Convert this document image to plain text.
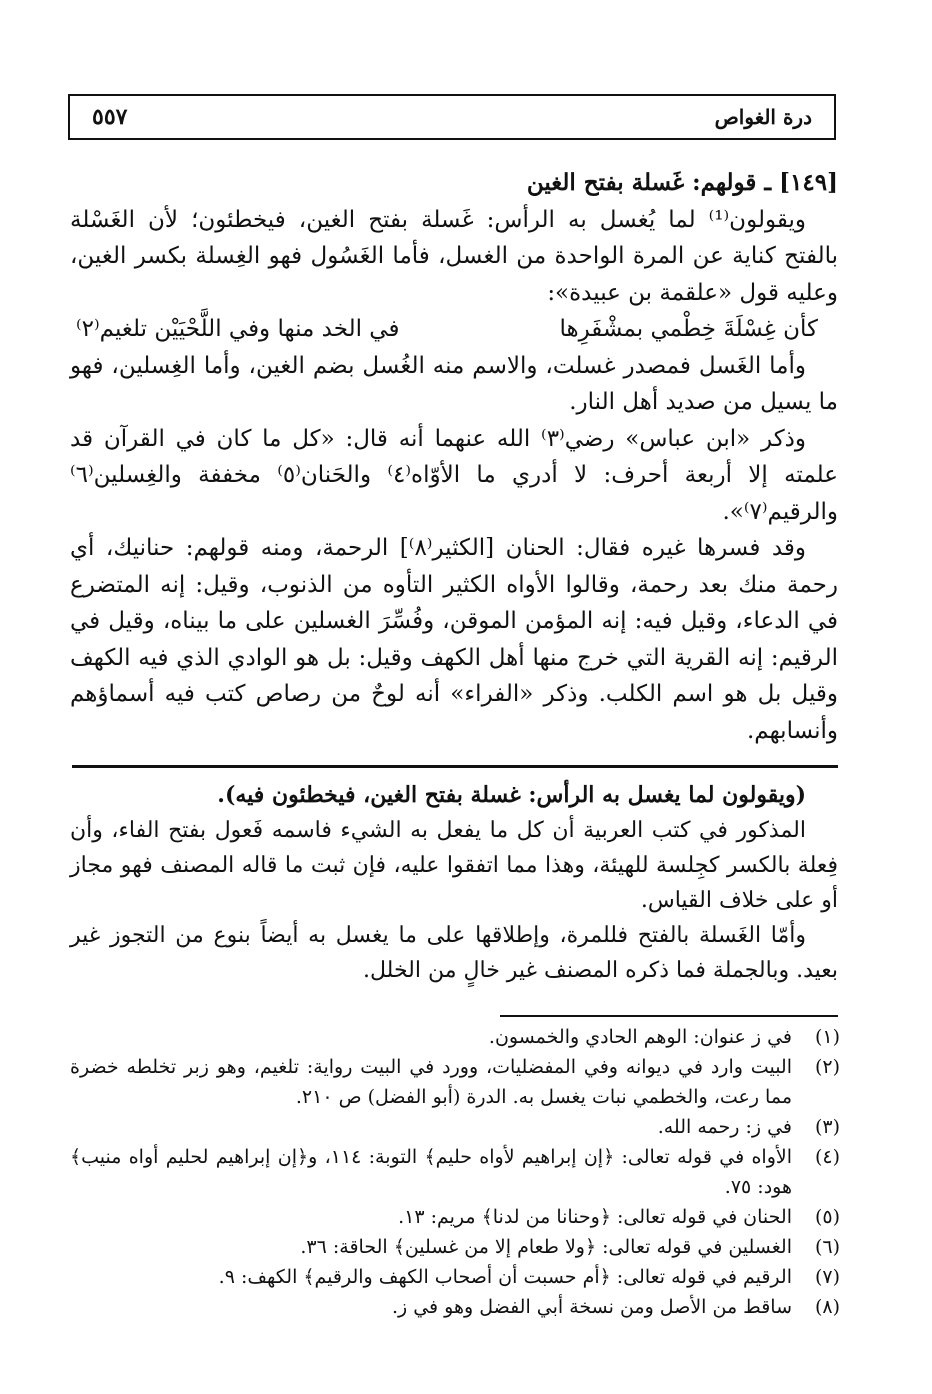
درة الغواص
٥٥٧

[١٤٩] ـ قولهم: غَسلة بفتح الغين

ويقولون⁽¹⁾ لما يُغسل به الرأس: غَسلة بفتح الغين، فيخطئون؛ لأن الغَسْلة بالفتح كناية عن المرة الواحدة من الغسل، فأما الغَسُول فهو الغِسلة بكسر الغين، وعليه قول «علقمة بن عبيدة»:

كأن غِسْلَةَ خِطْمي بمشْفَرِها
في الخد منها وفي اللَّحْيَيْن تلغيم⁽٢⁾

وأما الغَسل فمصدر غسلت، والاسم منه الغُسل بضم الغين، وأما الغِسلين، فهو ما يسيل من صديد أهل النار.

وذكر «ابن عباس» رضي⁽٣⁾ الله عنهما أنه قال: «كل ما كان في القرآن قد علمته إلا أربعة أحرف: لا أدري ما الأوّاه⁽٤⁾ والحَنان⁽٥⁾ مخففة والغِسلين⁽٦⁾ والرقيم⁽٧⁾».

وقد فسرها غيره فقال: الحنان [الكثير⁽٨⁾] الرحمة، ومنه قولهم: حنانيك، أي رحمة منك بعد رحمة، وقالوا الأواه الكثير التأوه من الذنوب، وقيل: إنه المتضرع في الدعاء، وقيل فيه: إنه المؤمن الموقن، وفُسِّرَ الغسلين على ما بيناه، وقيل في الرقيم: إنه القرية التي خرج منها أهل الكهف وقيل: بل هو الوادي الذي فيه الكهف وقيل بل هو اسم الكلب. وذكر «الفراء» أنه لوحٌ من رصاص كتب فيه أسماؤهم وأنسابهم.

(ويقولون لما يغسل به الرأس: غسلة بفتح الغين، فيخطئون فيه).

المذكور في كتب العربية أن كل ما يفعل به الشيء فاسمه فَعول بفتح الفاء، وأن فِعلة بالكسر كجِلسة للهيئة، وهذا مما اتفقوا عليه، فإن ثبت ما قاله المصنف فهو مجاز أو على خلاف القياس.

وأمّا الغَسلة بالفتح فللمرة، وإطلاقها على ما يغسل به أيضاً بنوع من التجوز غير بعيد. وبالجملة فما ذكره المصنف غير خالٍ من الخلل.

(١)
في ز عنوان: الوهم الحادي والخمسون.
(٢)
البيت وارد في ديوانه وفي المفضليات، وورد في البيت رواية: تلغيم، وهو زبر تخلطه خضرة مما رعت، والخطمي نبات يغسل به. الدرة (أبو الفضل) ص ٢١٠.
(٣)
في ز: رحمه الله.
(٤)
الأواه في قوله تعالى: ﴿إن إبراهيم لأواه حليم﴾ التوبة: ١١٤، و﴿إن إبراهيم لحليم أواه منيب﴾ هود: ٧٥.
(٥)
الحنان في قوله تعالى: ﴿وحنانا من لدنا﴾ مريم: ١٣.
(٦)
الغسلين في قوله تعالى: ﴿ولا طعام إلا من غسلين﴾ الحاقة: ٣٦.
(٧)
الرقيم في قوله تعالى: ﴿أم حسبت أن أصحاب الكهف والرقيم﴾ الكهف: ٩.
(٨)
ساقط من الأصل ومن نسخة أبي الفضل وهو في ز.
